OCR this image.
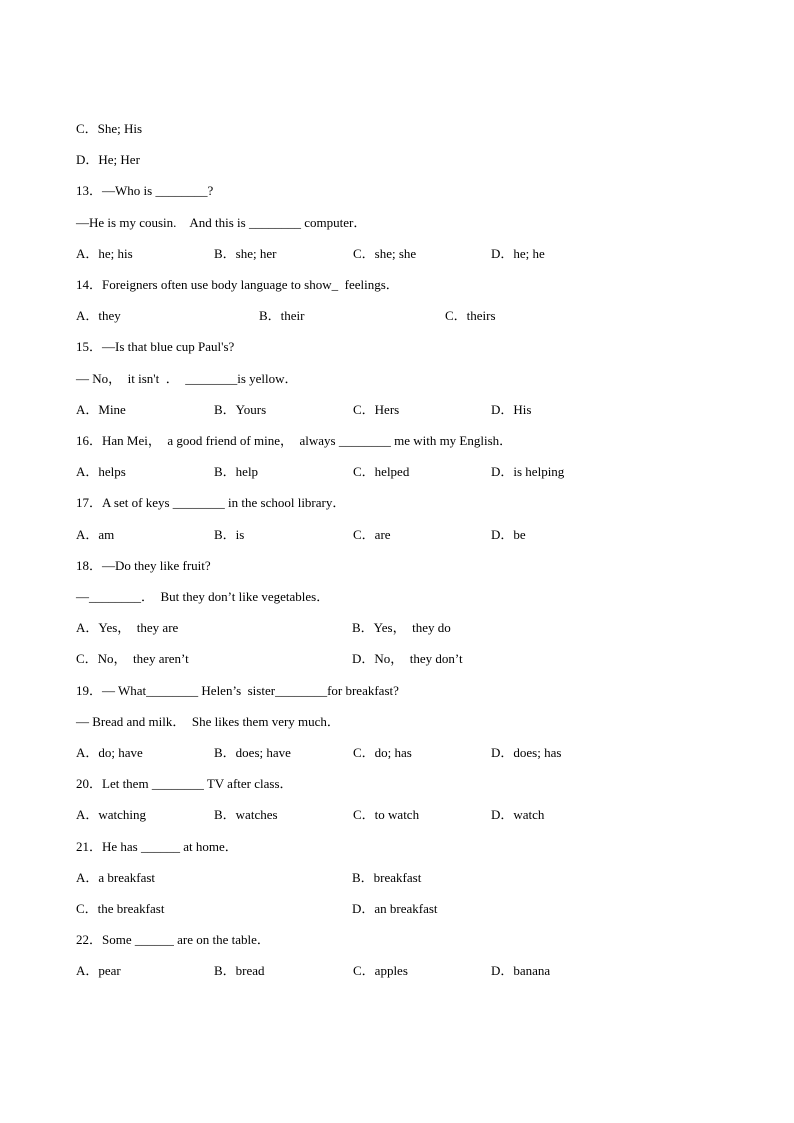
C．She; His
D．He; Her
13．—Who is ________?
—He is my cousin.　And this is ________ computer．
A．he; his	B．she; her	C．she; she	D．he; he
14．Foreigners often use body language to show_  feelings．
A．they	B．their	C．theirs
15．—Is that blue cup Paul's?
— No，  it isn't  ．  ________is yellow．
A．Mine	B．Yours	C．Hers	D．His
16．Han Mei，  a good friend of mine，  always ________ me with my English．
A．helps	B．help	C．helped	D．is helping
17．A set of keys ________ in the school library．
A．am	B．is	C．are	D．be
18．—Do they like fruit?
—________．  But they don’t like vegetables．
A．Yes，  they are	B．Yes，  they do
C．No，  they aren’t	D．No，  they don’t
19．— What________ Helen’s  sister________for breakfast?
— Bread and milk．  She likes them very much．
A．do; have	B．does; have	C．do; has	D．does; has
20．Let them ________ TV after class．
A．watching	B．watches	C．to watch	D．watch
21．He has ______ at home．
A．a breakfast	B．breakfast
C．the breakfast	D．an breakfast
22．Some ______ are on the table．
A．pear	B．bread	C．apples	D．banana
